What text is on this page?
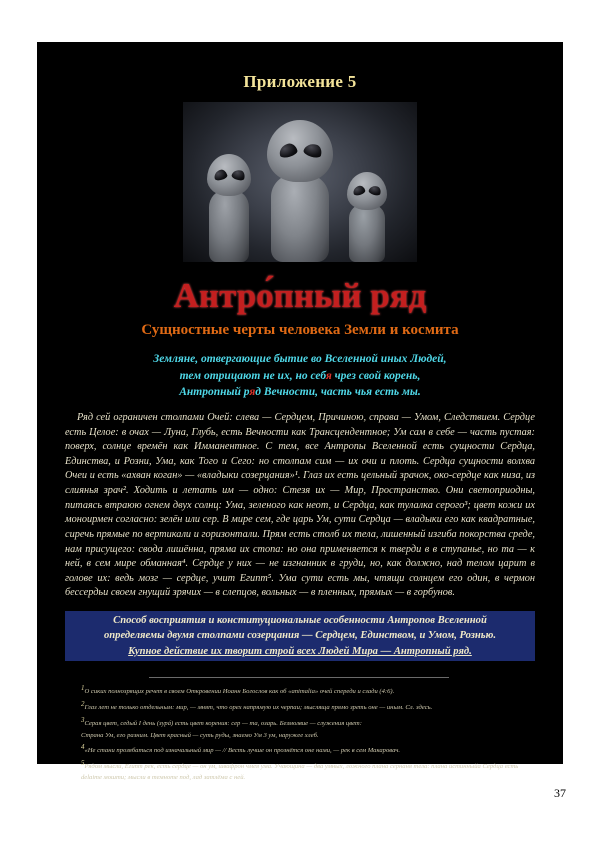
Приложение 5
Антро́пный ряд
Сущностные черты человека Земли и космита
Земляне, отвергающие бытие во Вселенной иных Людей,
тем отрицают не их, но себя чрез свой корень,
Антропный ряд Вечности, часть чья есть мы.
Ряд сей ограничен столпами Очей: слева — Сердцем, Причиною, справа — Умом, Следствием. Сердце есть Целое: в очах — Луна, Глубь, есть Вечности как Трансцендентное; Ум сам в себе — часть пустая: поверх, солнце времён как Имманентное. С тем, все Антропы Вселенной есть сущности Сердца, Единства, и Розни, Ума, как Того и Сего: но столпам сим — их очи и плоть. Сердца сущности волхва Очеи и есть «ахван коган» — «владыки созерцания»¹. Глаз их есть цельный зрачок, око-сердце как низа, из слиянья зрач². Ходить и летать им — одно: Стезя их — Мир, Пространство. Они светоприодны, питаясь втраюю огнем двух солнц: Ума, зеленого как неот, и Сердца, как тулалка серого³; цвет кожи их моноирмен согласно: зелён или сер. В мире сем, где царь Ум, сути Сердца — владыки его как квадратные, сиречь прямые по вертикали и горизонтали. Прям есть столб их тела, лишенный изгиба покорства среде, нам присущего: свода лишённа, пряма их стопа: но она применяется к тверди в в ступанье, но та — к ней, в сем мире обманная⁴. Сердце у них — не изгнанник в груди, но, как должно, над телом царит в голове их: ведь мозг — сердце, учит Египт⁵. Ума сути есть мы, чтящи солнцем его один, в чермон бессердьи своем гнущий зрячих — в слепцов, вольных — в пленных, прямых — в горбунов.
Способ восприятия и конституциональные особенности Антропов Вселенной
определяемы двумя столпами созерцания — Сердцем, Единством, и Умом, Рознью.
Купное действие их творит строй всех Людей Мира — Антропный ряд.
$^1$О сиких полнозрящих речет в своем Откровении Иоанн Богослов как об «animalia» очей спереди и сзади (4:6).
$^2$Глаз лет не только отдельным: мир, — мнят, что орех напрямую их черпаи; мысляща прямо зреть оне — иным. Сл. здесь.
$^3$Серая цвет, седый I день (зурá) есть цвет корения: сер — та, озарь. Безмолвие — служения цвет:
Страна Ум, его разним. Цвет красный — суть руды, знаемо Ум 3 ум, наружее хлеб.
$^4$«Не стани прозябаться под изначальный мир — // Весть лучше он прознётся оне нами, — рек в сем Макаровач.
$^5$Рядом мысли, Египт рек, есть сердце — он ум, швафрон чмея ума. Учающина — два умных, ложного плана сернаня тела: плана истинныйа Сердца есть delaime мошти; мысли в темноте под, лад затлёма с ней.
37
